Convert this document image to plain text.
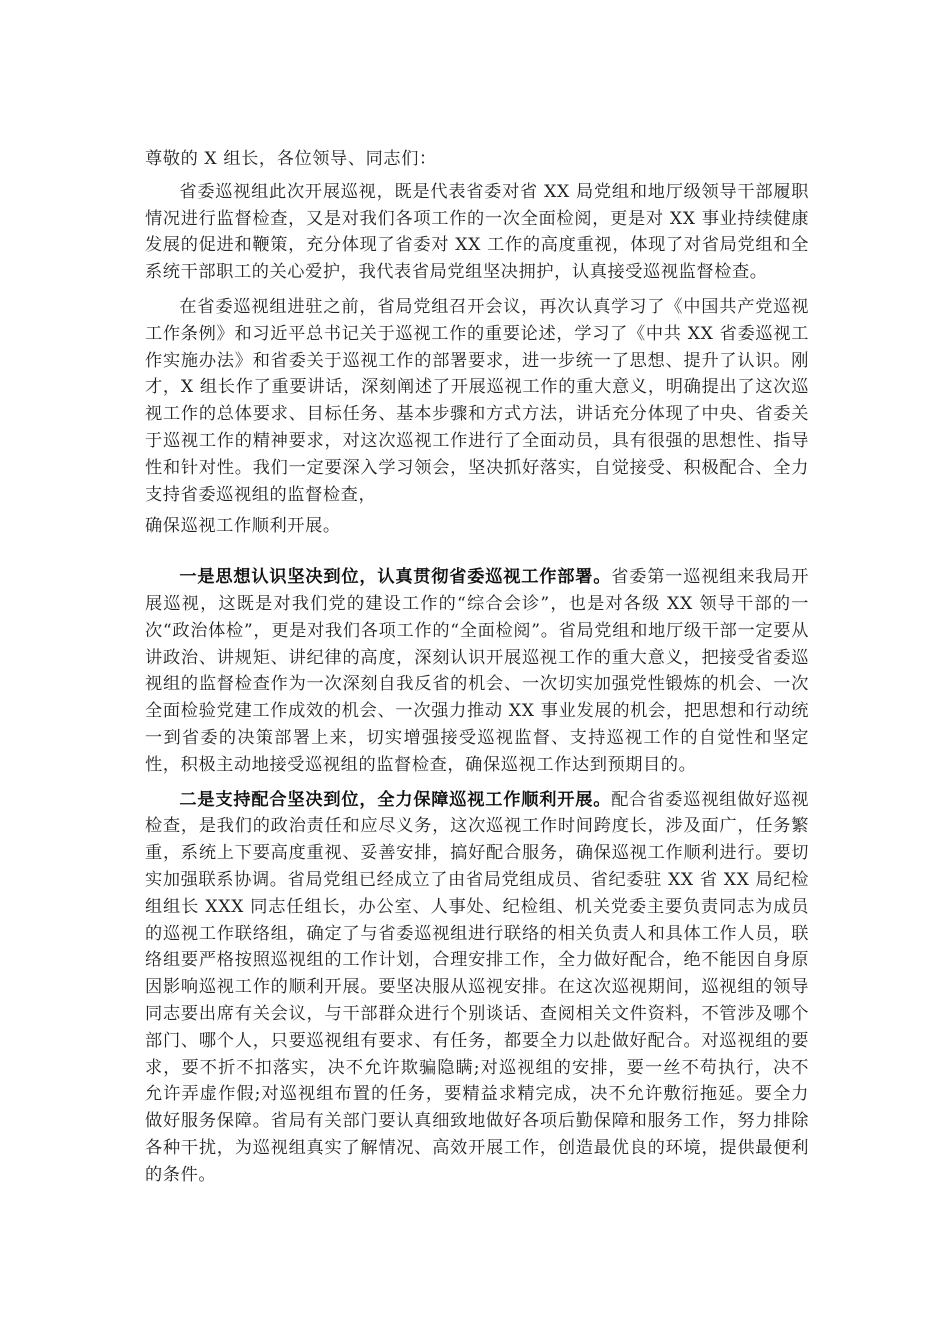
尊敬的 X 组长，各位领导、同志们：

省委巡视组此次开展巡视，既是代表省委对省 XX 局党组和地厅级领导干部履职情况进行监督检查，又是对我们各项工作的一次全面检阅，更是对 XX 事业持续健康发展的促进和鞭策，充分体现了省委对 XX 工作的高度重视，体现了对省局党组和全系统干部职工的关心爱护，我代表省局党组坚决拥护，认真接受巡视监督检查。

在省委巡视组进驻之前，省局党组召开会议，再次认真学习了《中国共产党巡视工作条例》和习近平总书记关于巡视工作的重要论述，学习了《中共 XX 省委巡视工作实施办法》和省委关于巡视工作的部署要求，进一步统一了思想、提升了认识。刚才，X 组长作了重要讲话，深刻阐述了开展巡视工作的重大意义，明确提出了这次巡视工作的总体要求、目标任务、基本步骤和方式方法，讲话充分体现了中央、省委关于巡视工作的精神要求，对这次巡视工作进行了全面动员，具有很强的思想性、指导性和针对性。我们一定要深入学习领会，坚决抓好落实，自觉接受、积极配合、全力支持省委巡视组的监督检查，

确保巡视工作顺利开展。

一是思想认识坚决到位，认真贯彻省委巡视工作部署。省委第一巡视组来我局开展巡视，这既是对我们党的建设工作的“综合会诊”，也是对各级 XX 领导干部的一次“政治体检”，更是对我们各项工作的“全面检阅”。省局党组和地厅级干部一定要从讲政治、讲规矩、讲纪律的高度，深刻认识开展巡视工作的重大意义，把接受省委巡视组的监督检查作为一次深刻自我反省的机会、一次切实加强党性锻炼的机会、一次全面检验党建工作成效的机会、一次强力推动 XX 事业发展的机会，把思想和行动统一到省委的决策部署上来，切实增强接受巡视监督、支持巡视工作的自觉性和坚定性，积极主动地接受巡视组的监督检查，确保巡视工作达到预期目的。

二是支持配合坚决到位，全力保障巡视工作顺利开展。配合省委巡视组做好巡视检查，是我们的政治责任和应尽义务，这次巡视工作时间跨度长，涉及面广，任务繁重，系统上下要高度重视、妥善安排，搞好配合服务，确保巡视工作顺利进行。要切实加强联系协调。省局党组已经成立了由省局党组成员、省纪委驻 XX 省 XX 局纪检组组长 XXX 同志任组长，办公室、人事处、纪检组、机关党委主要负责同志为成员的巡视工作联络组，确定了与省委巡视组进行联络的相关负责人和具体工作人员，联络组要严格按照巡视组的工作计划，合理安排工作，全力做好配合，绝不能因自身原因影响巡视工作的顺利开展。要坚决服从巡视安排。在这次巡视期间，巡视组的领导同志要出席有关会议，与干部群众进行个别谈话、查阅相关文件资料，不管涉及哪个部门、哪个人，只要巡视组有要求、有任务，都要全力以赴做好配合。对巡视组的要求，要不折不扣落实，决不允许欺骗隐瞒;对巡视组的安排，要一丝不苟执行，决不允许弄虚作假;对巡视组布置的任务，要精益求精完成，决不允许敷衍拖延。要全力做好服务保障。省局有关部门要认真细致地做好各项后勤保障和服务工作，努力排除各种干扰，为巡视组真实了解情况、高效开展工作，创造最优良的环境，提供最便利的条件。
